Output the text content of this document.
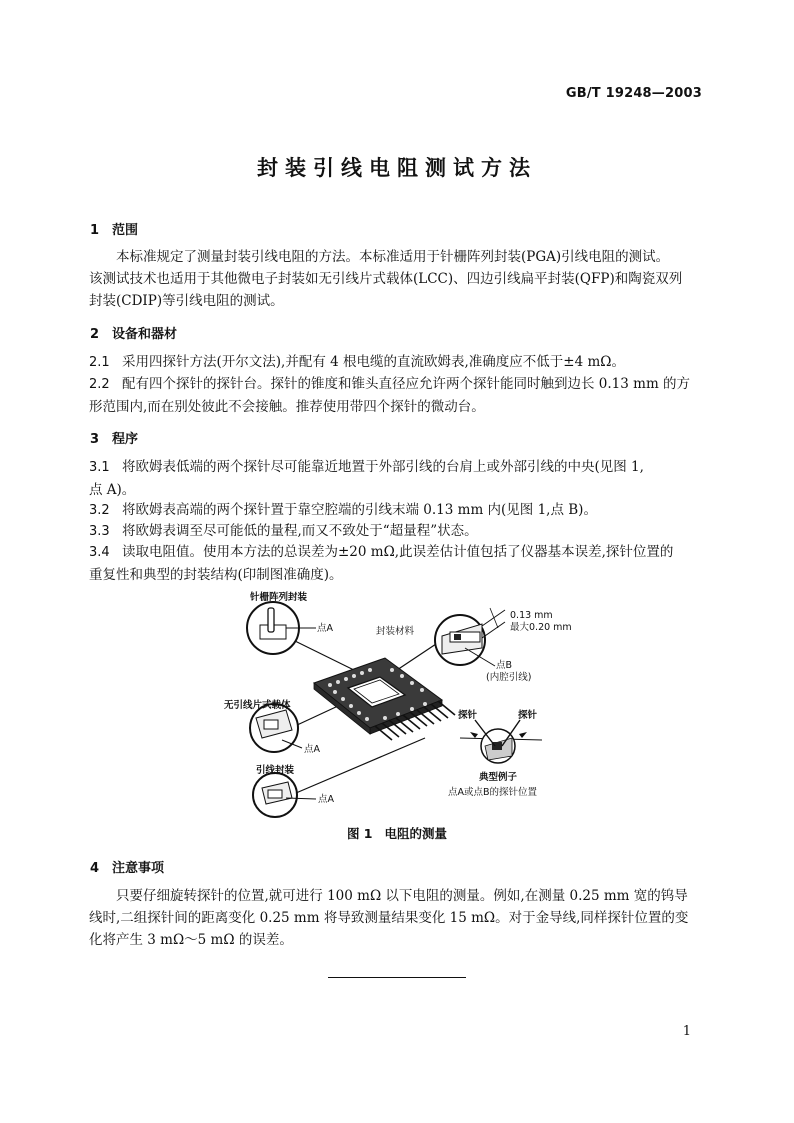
GB/T 19248—2003
封装引线电阻测试方法
1 范围
本标准规定了测量封装引线电阻的方法。本标准适用于针栅阵列封装(PGA)引线电阻的测试。
该测试技术也适用于其他微电子封装如无引线片式载体(LCC)、四边引线扁平封装(QFP)和陶瓷双列
封装(CDIP)等引线电阻的测试。
2 设备和器材
2.1 采用四探针方法(开尔文法),并配有 4 根电缆的直流欧姆表,准确度应不低于±4 mΩ。
2.2 配有四个探针的探针台。探针的锥度和锥头直径应允许两个探针能同时触到边长 0.13 mm 的方
形范围内,而在别处彼此不会接触。推荐使用带四个探针的微动台。
3 程序
3.1 将欧姆表低端的两个探针尽可能靠近地置于外部引线的台肩上或外部引线的中央(见图 1,
点 A)。
3.2 将欧姆表高端的两个探针置于靠空腔端的引线末端 0.13 mm 内(见图 1,点 B)。
3.3 将欧姆表调至尽可能低的量程,而又不致处于“超量程”状态。
3.4 读取电阻值。使用本方法的总误差为±20 mΩ,此误差估计值包括了仪器基本误差,探针位置的
重复性和典型的封装结构(印制图准确度)。
针栅阵列封装
点A	封装材料
0.13 mm
最大0.20 mm
点B
(内腔引线)
无引线片式载体
点A
引线封装
点A
探针	探针
典型例子
点A或点B的探针位置
图 1 电阻的测量
4 注意事项
只要仔细旋转探针的位置,就可进行 100 mΩ 以下电阻的测量。例如,在测量 0.25 mm 宽的钨导
线时,二组探针间的距离变化 0.25 mm 将导致测量结果变化 15 mΩ。对于金导线,同样探针位置的变
化将产生 3 mΩ～5 mΩ 的误差。
1
